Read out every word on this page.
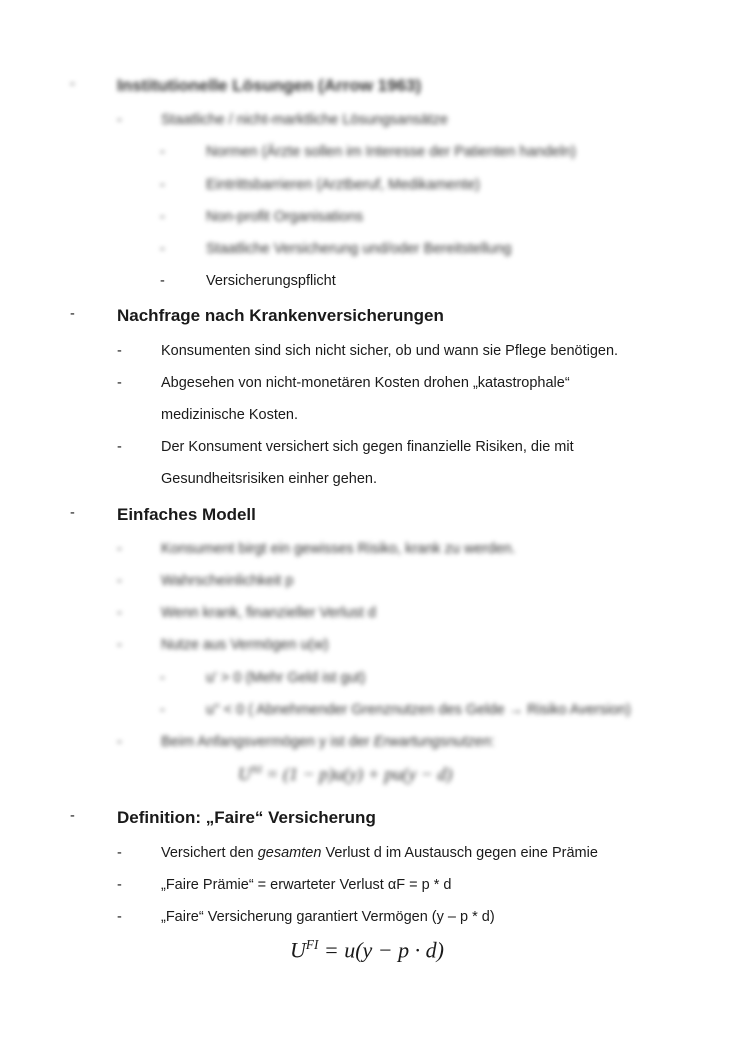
- Institutionelle Lösungen (Arrow 1963)
-	Staatliche / nicht-marktliche Lösungsansätze
-	Normen (Ärzte sollen im Interesse der Patienten handeln)
-	Eintrittsbarrieren (Arztberuf, Medikamente)
-	Non-profit Organisations
-	Staatliche Versicherung und/oder Bereitstellung
-	Versicherungspflicht
- Nachfrage nach Krankenversicherungen
-	Konsumenten sind sich nicht sicher, ob und wann sie Pflege benötigen.
-	Abgesehen von nicht-monetären Kosten drohen „katastrophale“
medizinische Kosten.
-	Der Konsument versichert sich gegen finanzielle Risiken, die mit
Gesundheitsrisiken einher gehen.
- Einfaches Modell
-	Konsument birgt ein gewisses Risiko, krank zu werden.
-	Wahrscheinlichkeit p
-	Wenn krank, finanzieller Verlust d
-	Nutze aus Vermögen u(w)
-	u' > 0 (Mehr Geld ist gut)
-	u'' < 0 ( Abnehmender Grenznutzen des Gelde → Risiko Aversion)
-	Beim Anfangsvermögen y ist der Erwartungsnutzen:
$U^{NI} = (1 - p)u(y) + pu(y - d)$
- Definition: „Faire“ Versicherung
-	Versichert den gesamten Verlust d im Austausch gegen eine Prämie
-	„Faire Prämie“ = erwarteter Verlust αF = p * d
-	„Faire“ Versicherung garantiert Vermögen (y – p * d)
$U^{FI} = u(y - p \cdot d)$
